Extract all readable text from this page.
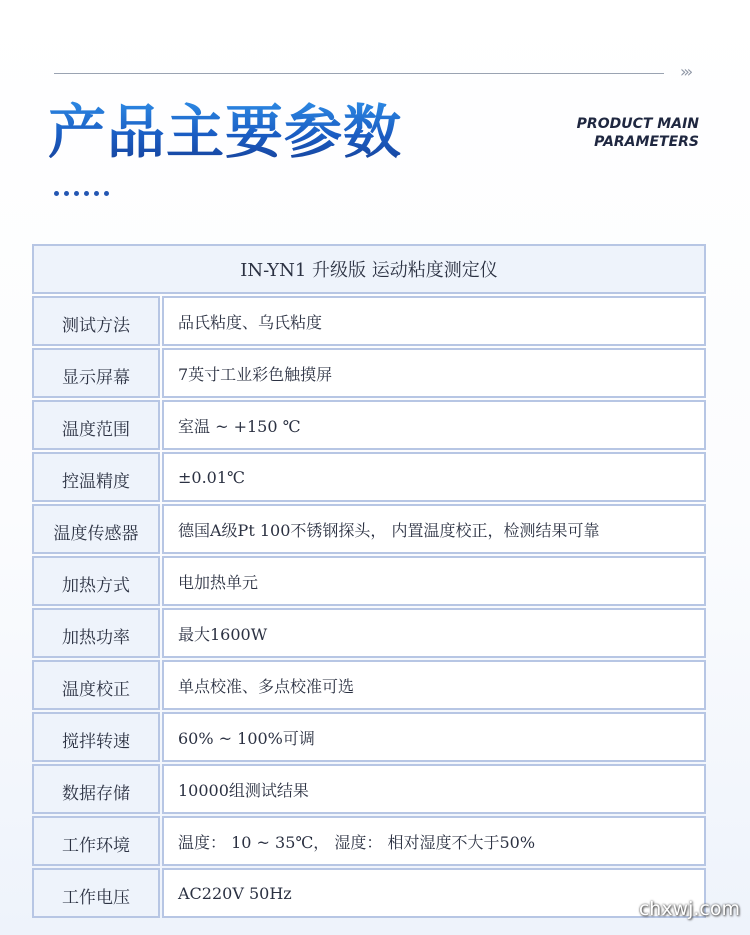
›››
产品主要参数	PRODUCT MAIN
PARAMETERS
IN-YN1 升级版 运动粘度测定仪
测试方法	品氏粘度、乌氏粘度
显示屏幕	7英寸工业彩色触摸屏
温度范围	室温 ~ +150 ℃
控温精度	±0.01℃
温度传感器	德国A级Pt 100不锈钢探头， 内置温度校正，检测结果可靠
加热方式	电加热单元
加热功率	最大1600W
温度校正	单点校准、多点校准可选
搅拌转速	60% ~ 100%可调
数据存储	10000组测试结果
工作环境	温度： 10 ~ 35℃， 湿度： 相对湿度不大于50%
工作电压	AC220V 50Hz
chxwj.com
